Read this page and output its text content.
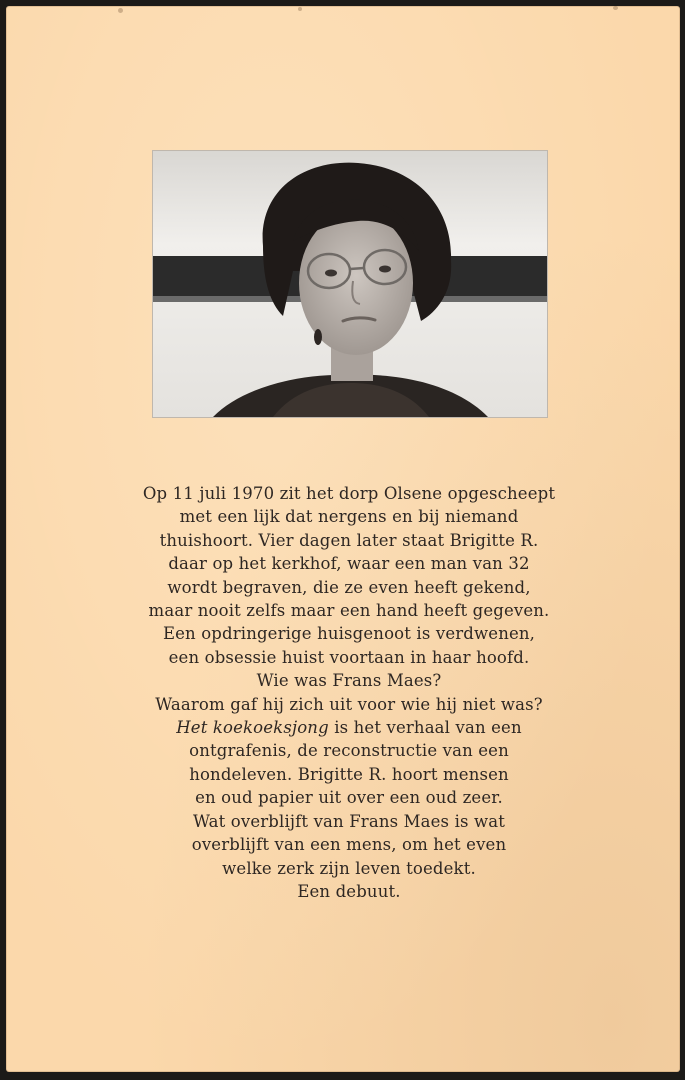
Op 11 juli 1970 zit het dorp Olsene opgescheept
met een lijk dat nergens en bij niemand
thuishoort. Vier dagen later staat Brigitte R.
daar op het kerkhof, waar een man van 32
wordt begraven, die ze even heeft gekend,
maar nooit zelfs maar een hand heeft gegeven.
Een opdringerige huisgenoot is verdwenen,
een obsessie huist voortaan in haar hoofd.
Wie was Frans Maes?
Waarom gaf hij zich uit voor wie hij niet was?
Het koekoeksjong is het verhaal van een
ontgrafenis, de reconstructie van een
hondeleven. Brigitte R. hoort mensen
en oud papier uit over een oud zeer.
Wat overblijft van Frans Maes is wat
overblijft van een mens, om het even
welke zerk zijn leven toedekt.
Een debuut.
